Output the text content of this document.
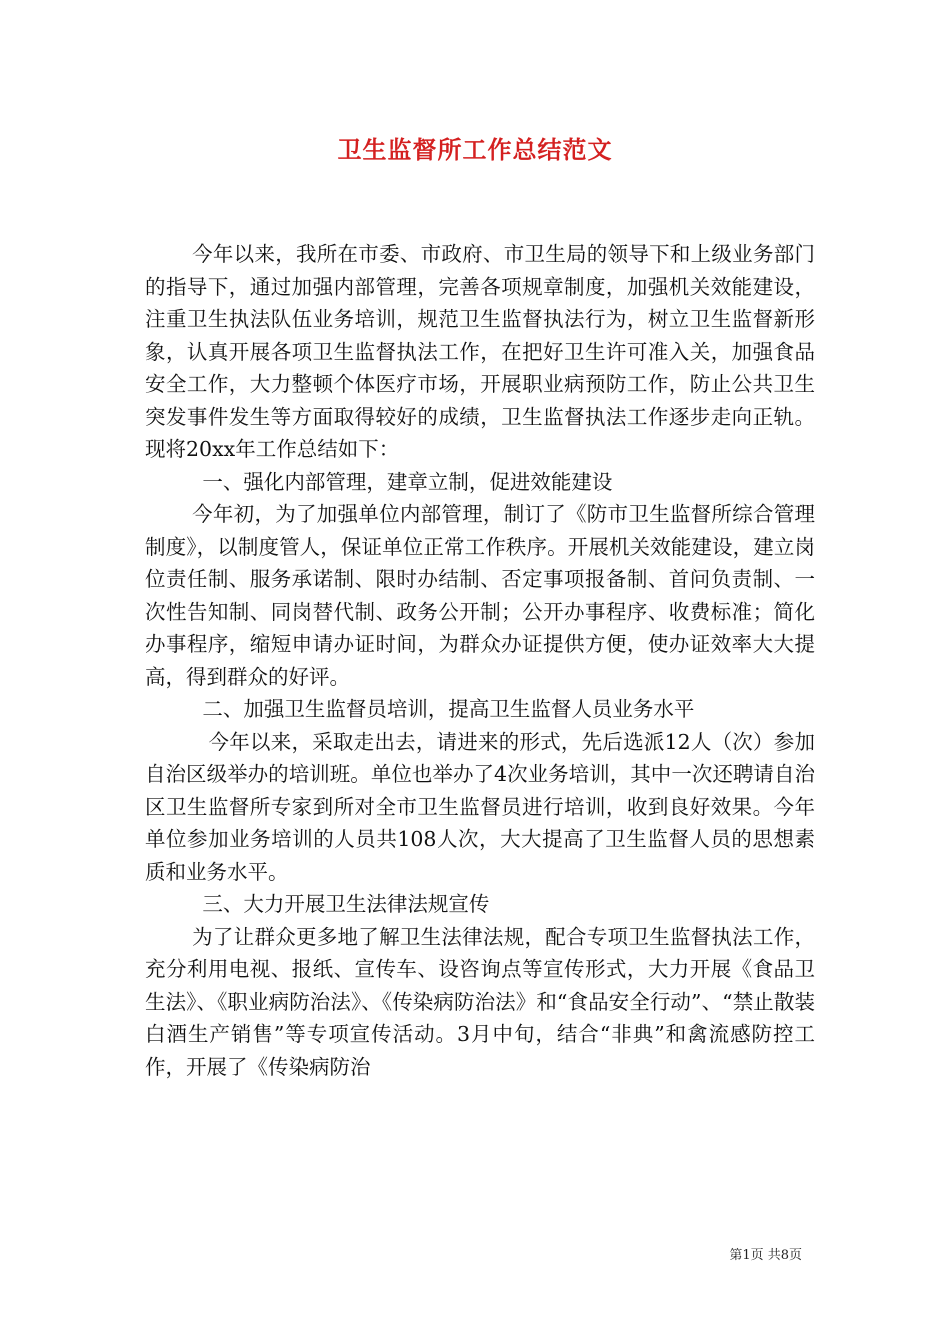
卫生监督所工作总结范文

今年以来，我所在市委、市政府、市卫生局的领导下和上级业务部门的指导下，通过加强内部管理，完善各项规章制度，加强机关效能建设，注重卫生执法队伍业务培训，规范卫生监督执法行为，树立卫生监督新形象，认真开展各项卫生监督执法工作，在把好卫生许可准入关，加强食品安全工作，大力整顿个体医疗市场，开展职业病预防工作，防止公共卫生突发事件发生等方面取得较好的成绩，卫生监督执法工作逐步走向正轨。现将20xx年工作总结如下：

一、强化内部管理，建章立制，促进效能建设

今年初，为了加强单位内部管理，制订了《防市卫生监督所综合管理制度》，以制度管人，保证单位正常工作秩序。开展机关效能建设，建立岗位责任制、服务承诺制、限时办结制、否定事项报备制、首问负责制、一次性告知制、同岗替代制、政务公开制；公开办事程序、收费标准；简化办事程序，缩短申请办证时间，为群众办证提供方便，使办证效率大大提高，得到群众的好评。

二、加强卫生监督员培训，提高卫生监督人员业务水平

今年以来，采取走出去，请进来的形式，先后选派12人（次）参加自治区级举办的培训班。单位也举办了4次业务培训，其中一次还聘请自治区卫生监督所专家到所对全市卫生监督员进行培训，收到良好效果。今年单位参加业务培训的人员共108人次，大大提高了卫生监督人员的思想素质和业务水平。

三、大力开展卫生法律法规宣传

为了让群众更多地了解卫生法律法规，配合专项卫生监督执法工作，充分利用电视、报纸、宣传车、设咨询点等宣传形式，大力开展《食品卫生法》、《职业病防治法》、《传染病防治法》和“食品安全行动”、“禁止散装白酒生产销售”等专项宣传活动。3月中旬，结合“非典”和禽流感防控工作，开展了《传染病防治

第1页 共8页
